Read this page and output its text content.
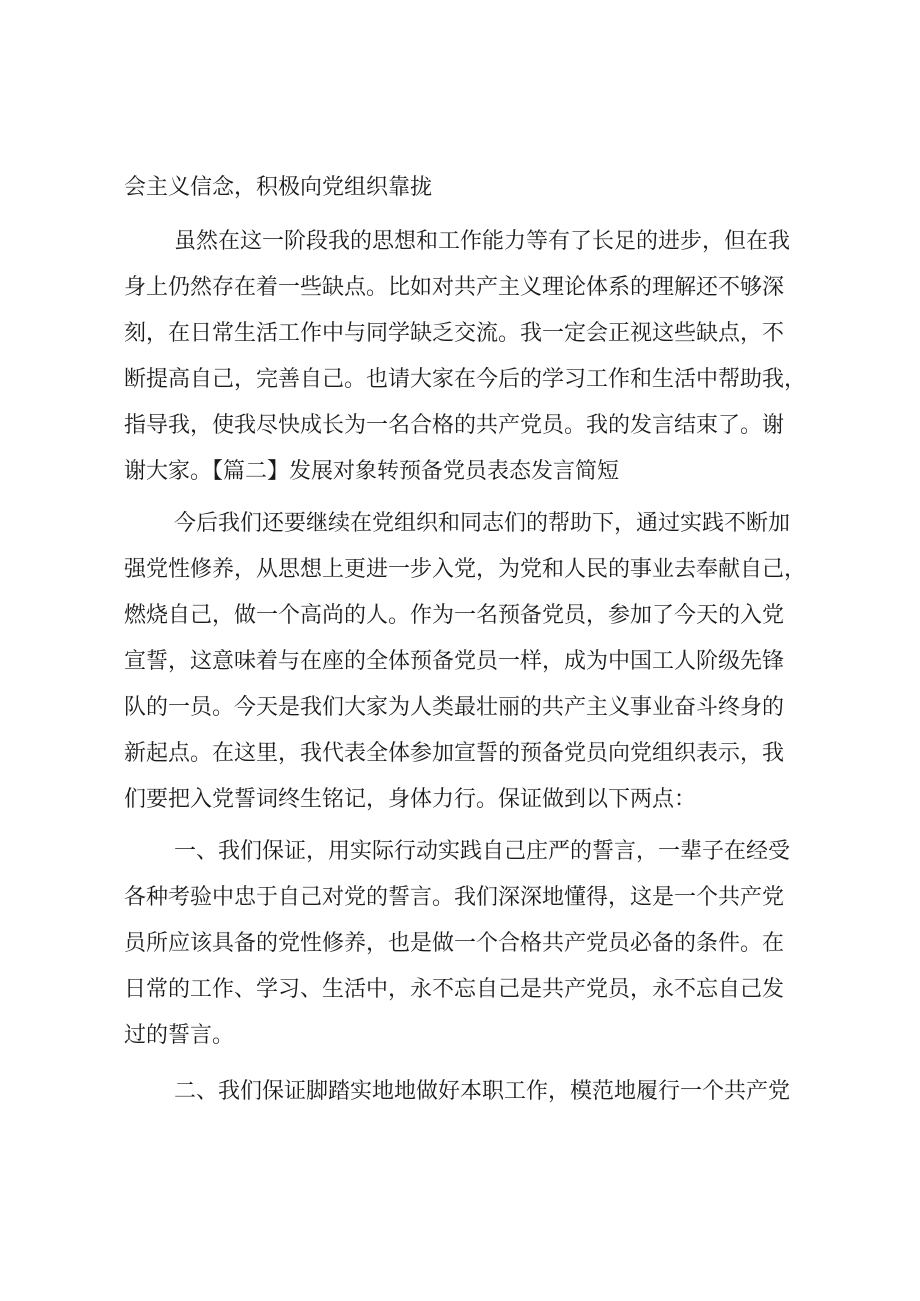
会主义信念，积极向党组织靠拢
虽然在这一阶段我的思想和工作能力等有了长足的进步，但在我
身上仍然存在着一些缺点。比如对共产主义理论体系的理解还不够深
刻，在日常生活工作中与同学缺乏交流。我一定会正视这些缺点，不
断提高自己，完善自己。也请大家在今后的学习工作和生活中帮助我，
指导我，使我尽快成长为一名合格的共产党员。我的发言结束了。谢
谢大家。【篇二】发展对象转预备党员表态发言简短
今后我们还要继续在党组织和同志们的帮助下，通过实践不断加
强党性修养，从思想上更进一步入党，为党和人民的事业去奉献自己，
燃烧自己，做一个高尚的人。作为一名预备党员，参加了今天的入党
宣誓，这意味着与在座的全体预备党员一样，成为中国工人阶级先锋
队的一员。今天是我们大家为人类最壮丽的共产主义事业奋斗终身的
新起点。在这里，我代表全体参加宣誓的预备党员向党组织表示，我
们要把入党誓词终生铭记，身体力行。保证做到以下两点：
一、我们保证，用实际行动实践自己庄严的誓言，一辈子在经受
各种考验中忠于自己对党的誓言。我们深深地懂得，这是一个共产党
员所应该具备的党性修养，也是做一个合格共产党员必备的条件。在
日常的工作、学习、生活中，永不忘自己是共产党员，永不忘自己发
过的誓言。
二、我们保证脚踏实地地做好本职工作，模范地履行一个共产党
